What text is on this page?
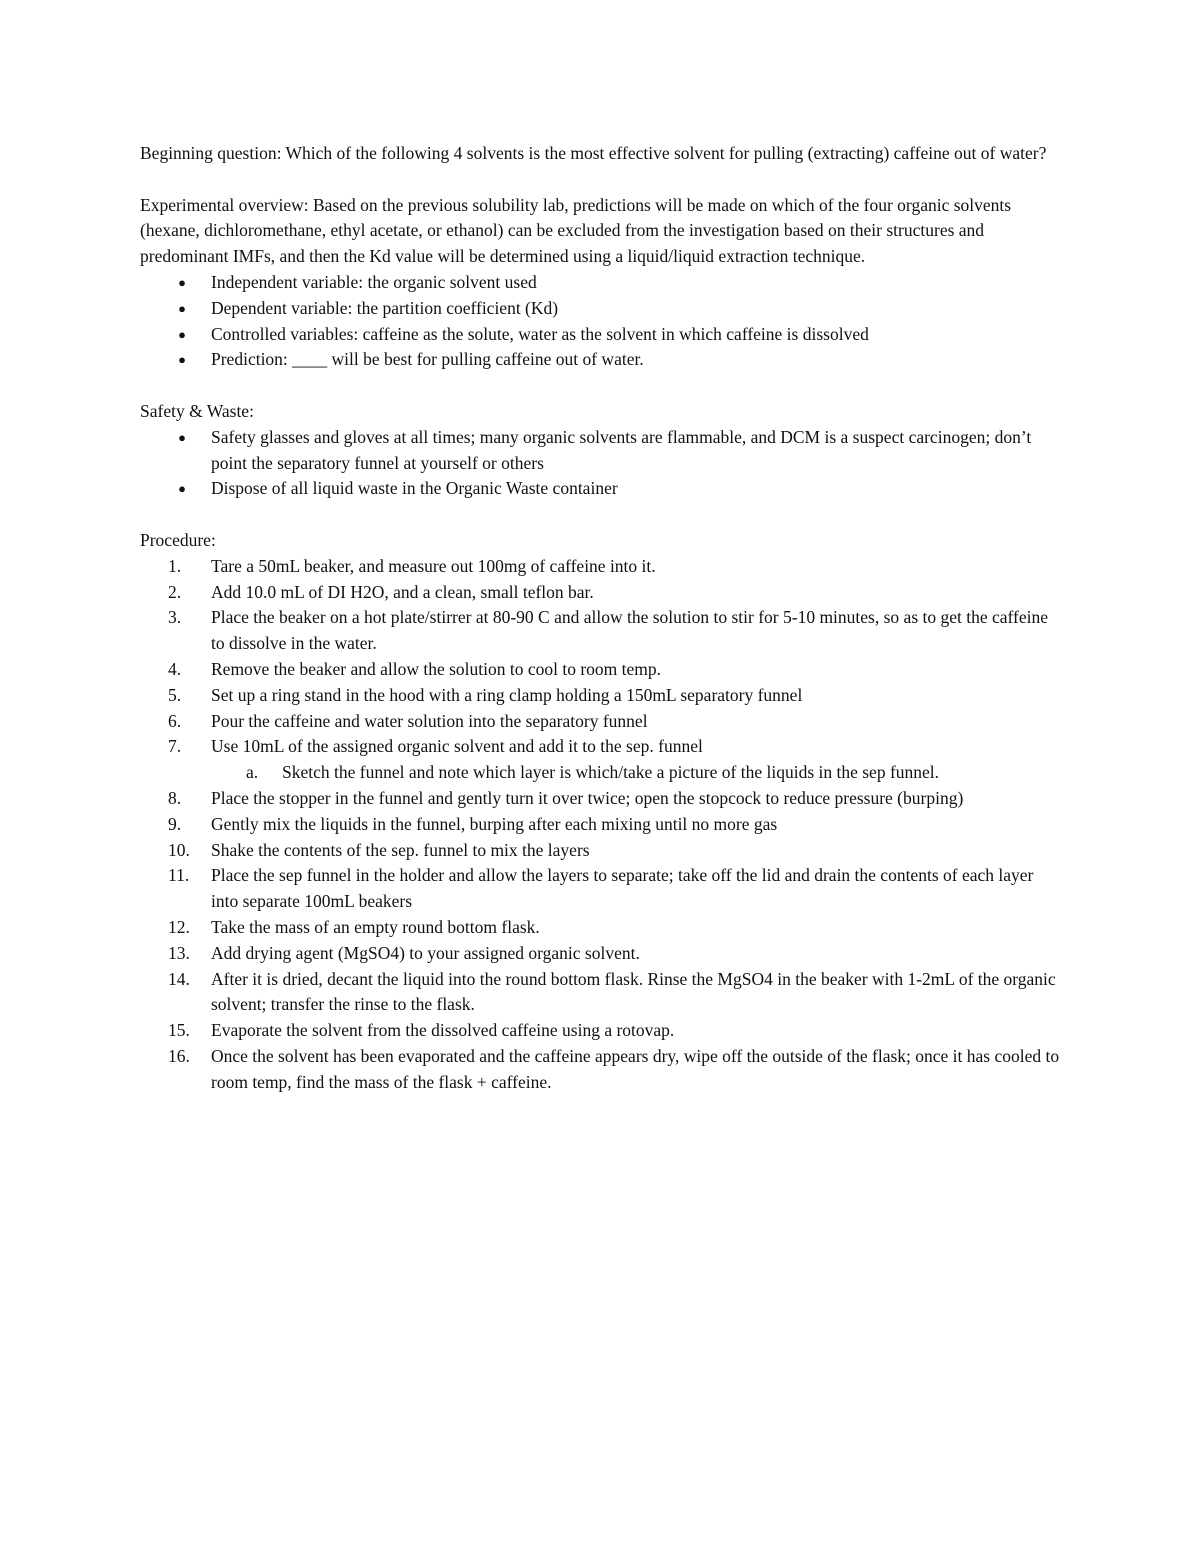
Beginning question: Which of the following 4 solvents is the most effective solvent for pulling (extracting) caffeine out of water?

Experimental overview: Based on the previous solubility lab, predictions will be made on which of the four organic solvents (hexane, dichloromethane, ethyl acetate, or ethanol) can be excluded from the investigation based on their structures and predominant IMFs, and then the Kd value will be determined using a liquid/liquid extraction technique.

● Independent variable: the organic solvent used
● Dependent variable: the partition coefficient (Kd)
● Controlled variables: caffeine as the solute, water as the solvent in which caffeine is dissolved
● Prediction: ____ will be best for pulling caffeine out of water.

Safety & Waste:

● Safety glasses and gloves at all times; many organic solvents are flammable, and DCM is a suspect carcinogen; don’t point the separatory funnel at yourself or others
● Dispose of all liquid waste in the Organic Waste container

Procedure:

1.	Tare a 50mL beaker, and measure out 100mg of caffeine into it.
2.	Add 10.0 mL of DI H2O, and a clean, small teflon bar.
3.	Place the beaker on a hot plate/stirrer at 80-90 C and allow the solution to stir for 5-10 minutes, so as to get the caffeine to dissolve in the water.
4.	Remove the beaker and allow the solution to cool to room temp.
5.	Set up a ring stand in the hood with a ring clamp holding a 150mL separatory funnel
6.	Pour the caffeine and water solution into the separatory funnel
7.	Use 10mL of the assigned organic solvent and add it to the sep. funnel
a.	Sketch the funnel and note which layer is which/take a picture of the liquids in the sep funnel.
8.	Place the stopper in the funnel and gently turn it over twice; open the stopcock to reduce pressure (burping)
9.	Gently mix the liquids in the funnel, burping after each mixing until no more gas
10.	Shake the contents of the sep. funnel to mix the layers
11.	Place the sep funnel in the holder and allow the layers to separate; take off the lid and drain the contents of each layer into separate 100mL beakers
12.	Take the mass of an empty round bottom flask.
13.	Add drying agent (MgSO4) to your assigned organic solvent.
14.	After it is dried, decant the liquid into the round bottom flask. Rinse the MgSO4 in the beaker with 1-2mL of the organic solvent; transfer the rinse to the flask.
15.	Evaporate the solvent from the dissolved caffeine using a rotovap.
16.	Once the solvent has been evaporated and the caffeine appears dry, wipe off the outside of the flask; once it has cooled to room temp, find the mass of the flask + caffeine.
